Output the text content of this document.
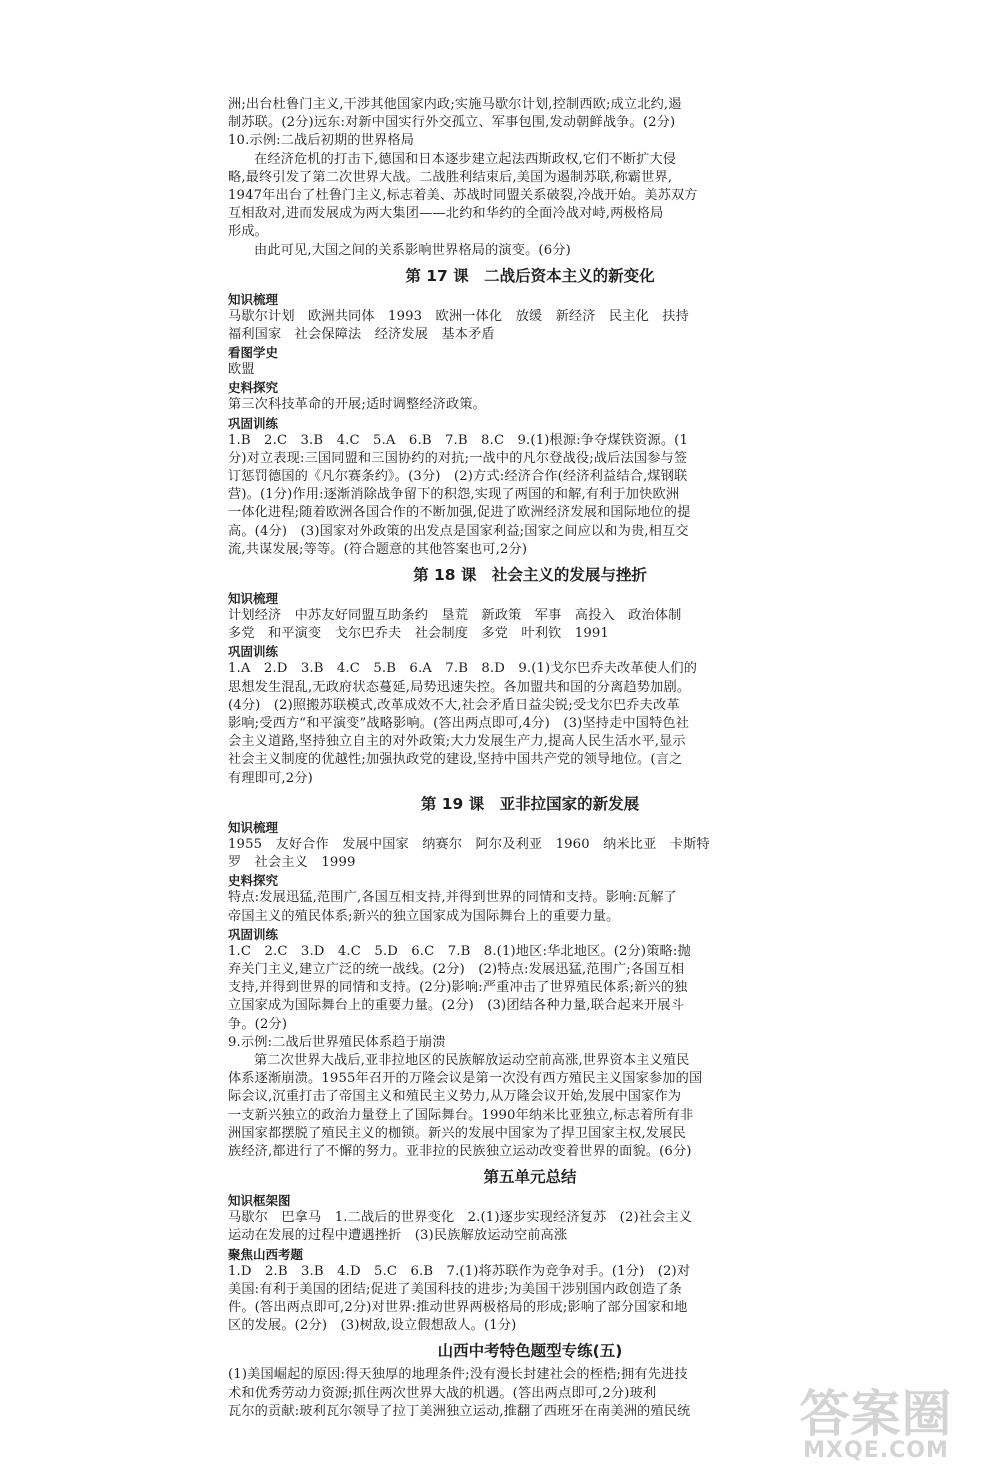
洲;出台杜鲁门主义,干涉其他国家内政;实施马歇尔计划,控制西欧;成立北约,遏
制苏联。(2分)远东:对新中国实行外交孤立、军事包围,发动朝鲜战争。(2分)
10.示例:二战后初期的世界格局
在经济危机的打击下,德国和日本逐步建立起法西斯政权,它们不断扩大侵
略,最终引发了第二次世界大战。二战胜利结束后,美国为遏制苏联,称霸世界,
1947年出台了杜鲁门主义,标志着美、苏战时同盟关系破裂,冷战开始。美苏双方
互相敌对,进而发展成为两大集团——北约和华约的全面冷战对峙,两极格局
形成。
由此可见,大国之间的关系影响世界格局的演变。(6分)
第 17 课　二战后资本主义的新变化
知识梳理
马歇尔计划　欧洲共同体　1993　欧洲一体化　放缓　新经济　民主化　扶持
福利国家　社会保障法　经济发展　基本矛盾
看图学史
欧盟
史料探究
第三次科技革命的开展;适时调整经济政策。
巩固训练
1.B　2.C　3.B　4.C　5.A　6.B　7.B　8.C　9.(1)根源:争夺煤铁资源。(1
分)对立表现:三国同盟和三国协约的对抗;一战中的凡尔登战役;战后法国参与签
订惩罚德国的《凡尔赛条约》。(3分)　(2)方式:经济合作(经济利益结合,煤钢联
营)。(1分)作用:逐渐消除战争留下的积怨,实现了两国的和解,有利于加快欧洲
一体化进程;随着欧洲各国合作的不断加强,促进了欧洲经济发展和国际地位的提
高。(4分)　(3)国家对外政策的出发点是国家利益;国家之间应以和为贵,相互交
流,共谋发展;等等。(符合题意的其他答案也可,2分)
第 18 课　社会主义的发展与挫折
知识梳理
计划经济　中苏友好同盟互助条约　垦荒　新政策　军事　高投入　政治体制
多党　和平演变　戈尔巴乔夫　社会制度　多党　叶利钦　1991
巩固训练
1.A　2.D　3.B　4.C　5.B　6.A　7.B　8.D　9.(1)戈尔巴乔夫改革使人们的
思想发生混乱,无政府状态蔓延,局势迅速失控。各加盟共和国的分离趋势加剧。
(4分)　(2)照搬苏联模式,改革成效不大,社会矛盾日益尖锐;受戈尔巴乔夫改革
影响;受西方“和平演变”战略影响。(答出两点即可,4分)　(3)坚持走中国特色社
会主义道路,坚持独立自主的对外政策;大力发展生产力,提高人民生活水平,显示
社会主义制度的优越性;加强执政党的建设,坚持中国共产党的领导地位。(言之
有理即可,2分)
第 19 课　亚非拉国家的新发展
知识梳理
1955　友好合作　发展中国家　纳赛尔　阿尔及利亚　1960　纳米比亚　卡斯特
罗　社会主义　1999
史料探究
特点:发展迅猛,范围广,各国互相支持,并得到世界的同情和支持。影响:瓦解了
帝国主义的殖民体系;新兴的独立国家成为国际舞台上的重要力量。
巩固训练
1.C　2.C　3.D　4.C　5.D　6.C　7.B　8.(1)地区:华北地区。(2分)策略:抛
弃关门主义,建立广泛的统一战线。(2分)　(2)特点:发展迅猛,范围广;各国互相
支持,并得到世界的同情和支持。(2分)影响:严重冲击了世界殖民体系;新兴的独
立国家成为国际舞台上的重要力量。(2分)　(3)团结各种力量,联合起来开展斗
争。(2分)
9.示例:二战后世界殖民体系趋于崩溃
第二次世界大战后,亚非拉地区的民族解放运动空前高涨,世界资本主义殖民
体系逐渐崩溃。1955年召开的万隆会议是第一次没有西方殖民主义国家参加的国
际会议,沉重打击了帝国主义和殖民主义势力,从万隆会议开始,发展中国家作为
一支新兴独立的政治力量登上了国际舞台。1990年纳米比亚独立,标志着所有非
洲国家都摆脱了殖民主义的枷锁。新兴的发展中国家为了捍卫国家主权,发展民
族经济,都进行了不懈的努力。亚非拉的民族独立运动改变着世界的面貌。(6分)
第五单元总结
知识框架图
马歇尔　巴拿马　1.二战后的世界变化　2.(1)逐步实现经济复苏　(2)社会主义
运动在发展的过程中遭遇挫折　(3)民族解放运动空前高涨
聚焦山西考题
1.D　2.B　3.B　4.D　5.C　6.B　7.(1)将苏联作为竞争对手。(1分)　(2)对
美国:有利于美国的团结;促进了美国科技的进步;为美国干涉别国内政创造了条
件。(答出两点即可,2分)对世界:推动世界两极格局的形成;影响了部分国家和地
区的发展。(2分)　(3)树敌,设立假想敌人。(1分)
山西中考特色题型专练(五)
(1)美国崛起的原因:得天独厚的地理条件;没有漫长封建社会的桎梏;拥有先进技
术和优秀劳动力资源;抓住两次世界大战的机遇。(答出两点即可,2分)玻利
瓦尔的贡献:玻利瓦尔领导了拉丁美洲独立运动,推翻了西班牙在南美洲的殖民统	答案圈
MXQE.COM
